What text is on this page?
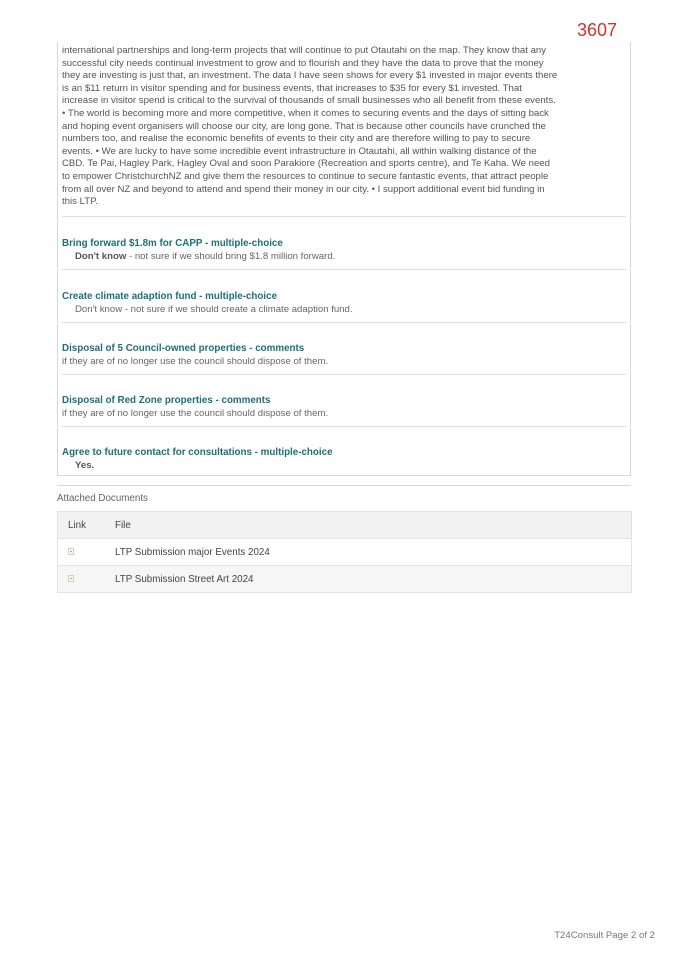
3607

international partnerships and long-term projects that will continue to put Otautahi on the map. They know that any
successful city needs continual investment to grow and to flourish and they have the data to prove that the money
they are investing is just that, an investment. The data I have seen shows for every $1 invested in major events there
is an $11 return in visitor spending and for business events, that increases to $35 for every $1 invested. That
increase in visitor spend is critical to the survival of thousands of small businesses who all benefit from these events.
• The world is becoming more and more competitive, when it comes to securing events and the days of sitting back
and hoping event organisers will choose our city, are long gone. That is because other councils have crunched the
numbers too, and realise the economic benefits of events to their city and are therefore willing to pay to secure
events. • We are lucky to have some incredible event infrastructure in Otautahi, all within walking distance of the
CBD. Te Pai, Hagley Park, Hagley Oval and soon Parakiore (Recreation and sports centre), and Te Kaha. We need
to empower ChristchurchNZ and give them the resources to continue to secure fantastic events, that attract people
from all over NZ and beyond to attend and spend their money in our city. • I support additional event bid funding in
this LTP.

Bring forward $1.8m for CAPP - multiple-choice
Don't know - not sure if we should bring $1.8 million forward.
Create climate adaption fund - multiple-choice
Don't know - not sure if we should create a climate adaption fund.
Disposal of 5 Council-owned properties - comments
if they are of no longer use the council should dispose of them.
Disposal of Red Zone properties - comments
if they are of no longer use the council should dispose of them.
Agree to future contact for consultations - multiple-choice
Yes.
Attached Documents
Link	File
	LTP Submission major Events 2024
	LTP Submission Street Art 2024
T24Consult Page 2 of 2
